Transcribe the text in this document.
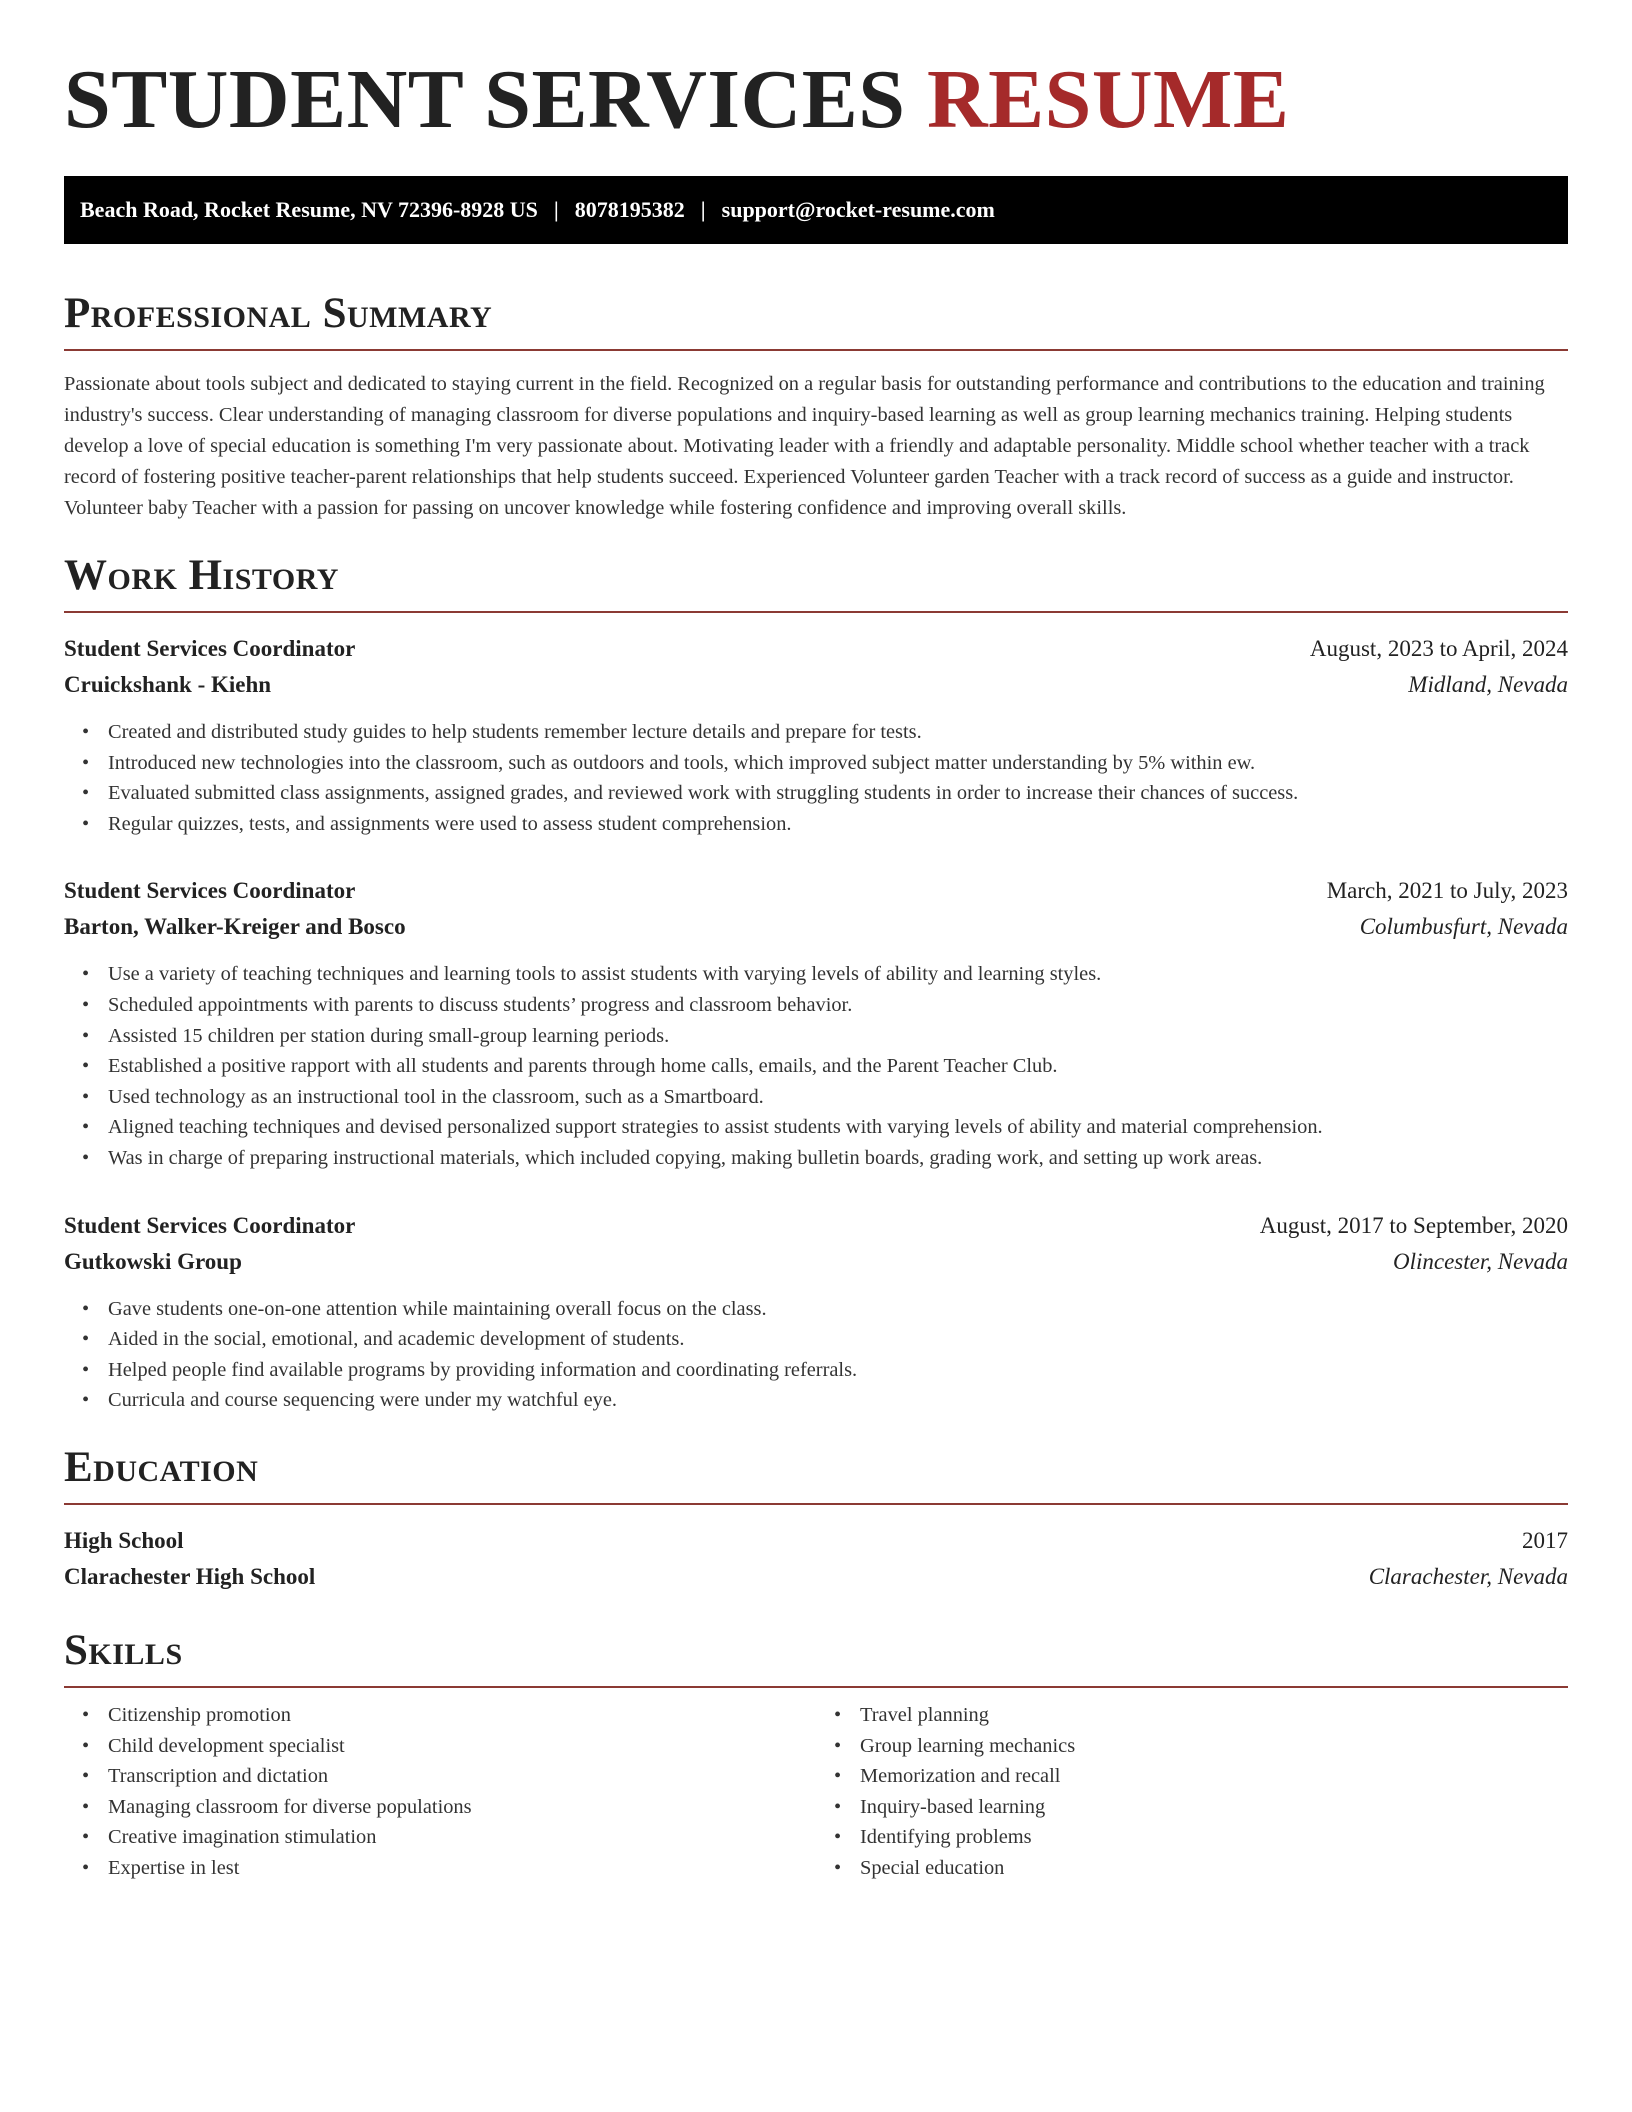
STUDENT SERVICES RESUME
Beach Road, Rocket Resume, NV 72396-8928 US | 8078195382 | support@rocket-resume.com
Professional Summary

Passionate about tools subject and dedicated to staying current in the field. Recognized on a regular basis for outstanding performance and contributions to the education and training industry's success. Clear understanding of managing classroom for diverse populations and inquiry-based learning as well as group learning mechanics training. Helping students develop a love of special education is something I'm very passionate about. Motivating leader with a friendly and adaptable personality. Middle school whether teacher with a track record of fostering positive teacher-parent relationships that help students succeed. Experienced Volunteer garden Teacher with a track record of success as a guide and instructor. Volunteer baby Teacher with a passion for passing on uncover knowledge while fostering confidence and improving overall skills.

Work History
Student Services Coordinator	August, 2023 to April, 2024
Cruickshank - Kiehn	Midland, Nevada
• Created and distributed study guides to help students remember lecture details and prepare for tests.
• Introduced new technologies into the classroom, such as outdoors and tools, which improved subject matter understanding by 5% within ew.
• Evaluated submitted class assignments, assigned grades, and reviewed work with struggling students in order to increase their chances of success.
• Regular quizzes, tests, and assignments were used to assess student comprehension.
Student Services Coordinator	March, 2021 to July, 2023
Barton, Walker-Kreiger and Bosco	Columbusfurt, Nevada
• Use a variety of teaching techniques and learning tools to assist students with varying levels of ability and learning styles.
• Scheduled appointments with parents to discuss students’ progress and classroom behavior.
• Assisted 15 children per station during small-group learning periods.
• Established a positive rapport with all students and parents through home calls, emails, and the Parent Teacher Club.
• Used technology as an instructional tool in the classroom, such as a Smartboard.
• Aligned teaching techniques and devised personalized support strategies to assist students with varying levels of ability and material comprehension.
• Was in charge of preparing instructional materials, which included copying, making bulletin boards, grading work, and setting up work areas.
Student Services Coordinator	August, 2017 to September, 2020
Gutkowski Group	Olincester, Nevada
• Gave students one-on-one attention while maintaining overall focus on the class.
• Aided in the social, emotional, and academic development of students.
• Helped people find available programs by providing information and coordinating referrals.
• Curricula and course sequencing were under my watchful eye.
Education
High School	2017
Clarachester High School	Clarachester, Nevada
Skills
• Citizenship promotion
• Child development specialist
• Transcription and dictation
• Managing classroom for diverse populations
• Creative imagination stimulation
• Expertise in lest
• Travel planning
• Group learning mechanics
• Memorization and recall
• Inquiry-based learning
• Identifying problems
• Special education
